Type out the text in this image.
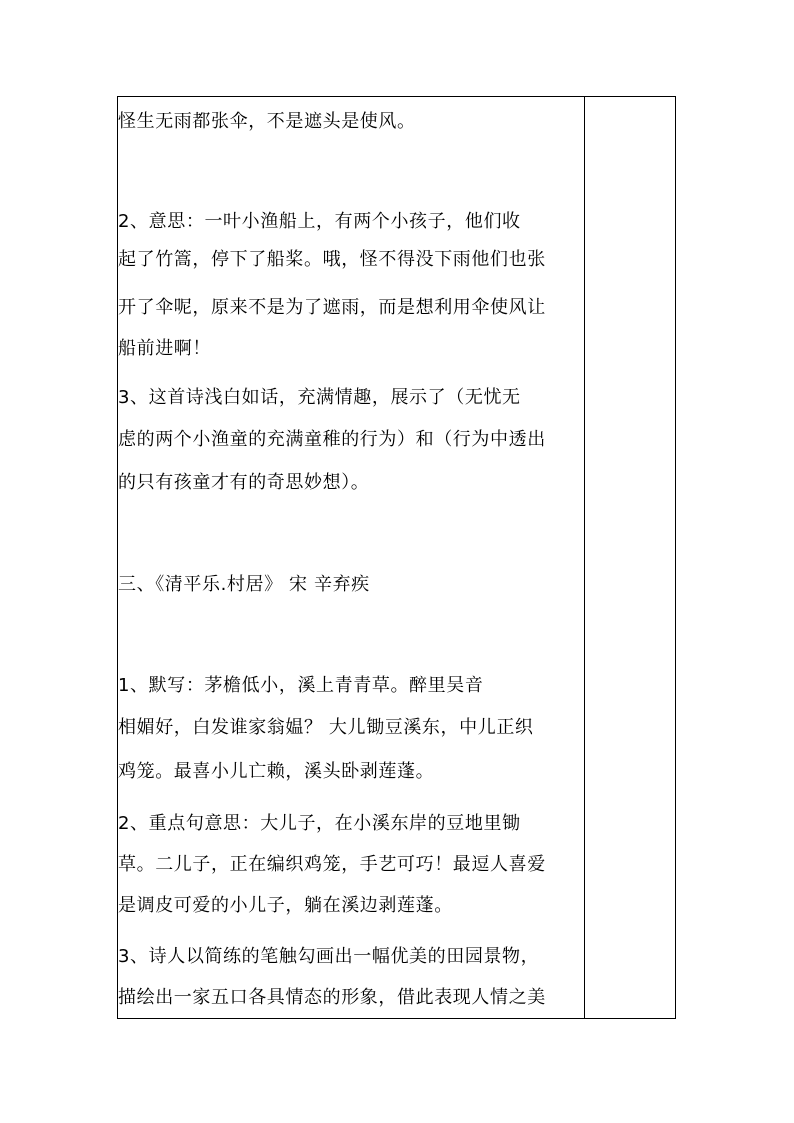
怪生无雨都张伞，不是遮头是使风。
2、意思：一叶小渔船上，有两个小孩子，他们收
起了竹篙，停下了船桨。哦，怪不得没下雨他们也张
开了伞呢，原来不是为了遮雨，而是想利用伞使风让
船前进啊！
3、这首诗浅白如话，充满情趣，展示了（无忧无
虑的两个小渔童的充满童稚的行为）和（行为中透出
的只有孩童才有的奇思妙想）。
三、《清平乐.村居》 宋 辛弃疾
1、默写：茅檐低小，溪上青青草。醉里吴音
相媚好，白发谁家翁媪？ 大儿锄豆溪东，中儿正织
鸡笼。最喜小儿亡赖，溪头卧剥莲蓬。
2、重点句意思：大儿子，在小溪东岸的豆地里锄
草。二儿子，正在编织鸡笼，手艺可巧！最逗人喜爱
是调皮可爱的小儿子，躺在溪边剥莲蓬。
3、诗人以简练的笔触勾画出一幅优美的田园景物，
描绘出一家五口各具情态的形象，借此表现人情之美
